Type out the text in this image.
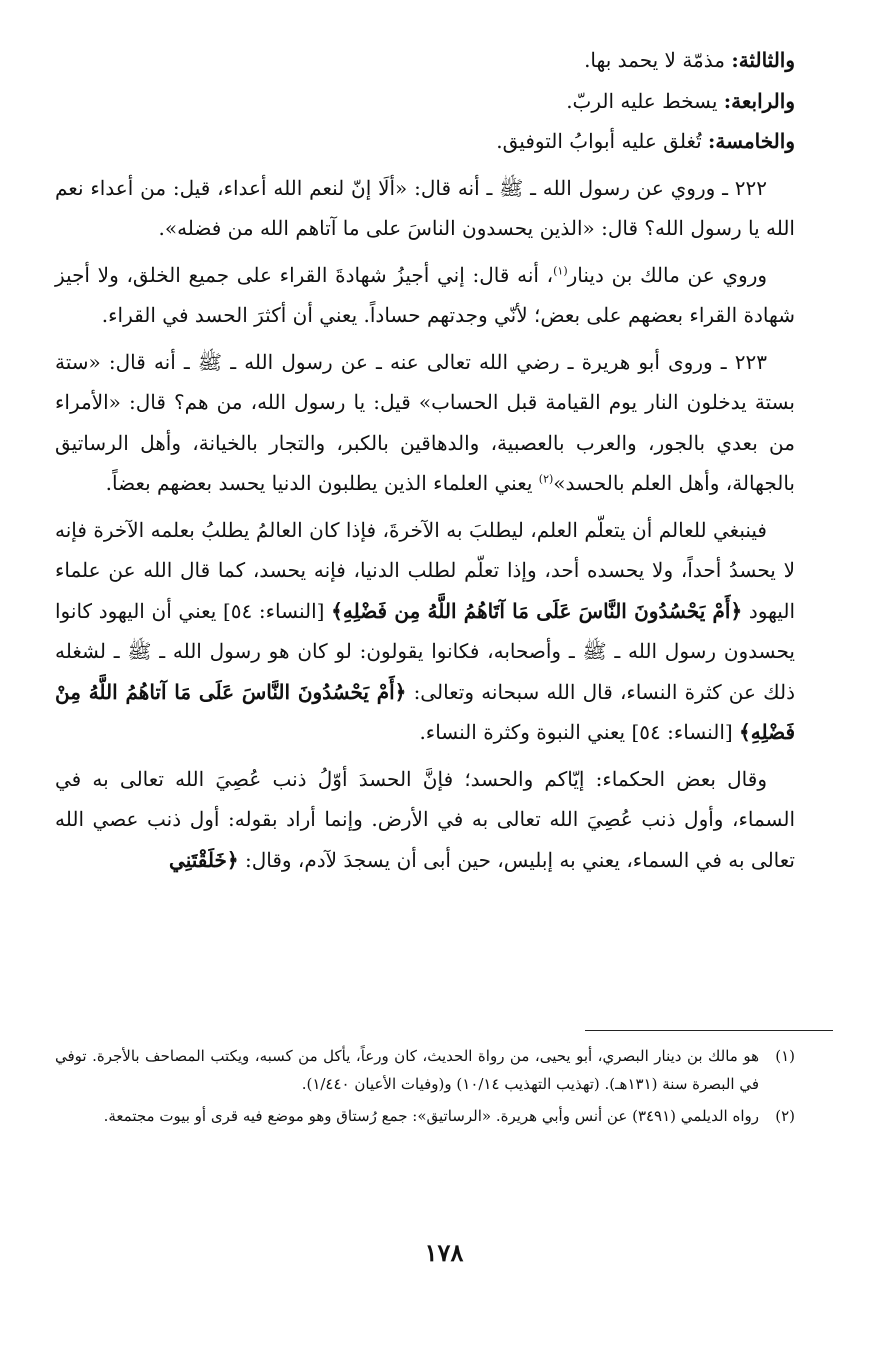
والثالثة: مذمّة لا يحمد بها.

والرابعة: يسخط عليه الربّ.

والخامسة: تُغلق عليه أبوابُ التوفيق.

٢٢٢ ـ وروي عن رسول الله ـ ﷺ ـ أنه قال: «ألَا إنّ لنعم الله أعداء، قيل: من أعداء نعم الله يا رسول الله؟ قال: «الذين يحسدون الناسَ على ما آتاهم الله من فضله».

وروي عن مالك بن دينار$^{(١)}$، أنه قال: إني أجيزُ شهادةَ القراء على جميع الخلق، ولا أجيز شهادة القراء بعضهم على بعض؛ لأنّي وجدتهم حساداً. يعني أن أكثرَ الحسد في القراء.

٢٢٣ ـ وروى أبو هريرة ـ رضي الله تعالى عنه ـ عن رسول الله ـ ﷺ ـ أنه قال: «ستة بستة يدخلون النار يوم القيامة قبل الحساب» قيل: يا رسول الله، من هم؟ قال: «الأمراء من بعدي بالجور، والعرب بالعصبية، والدهاقين بالكبر، والتجار بالخيانة، وأهل الرساتيق بالجهالة، وأهل العلم بالحسد»$^{(٢)}$ يعني العلماء الذين يطلبون الدنيا يحسد بعضهم بعضاً.

فينبغي للعالم أن يتعلّم العلم، ليطلبَ به الآخرةَ، فإذا كان العالمُ يطلبُ بعلمه الآخرة فإنه لا يحسدُ أحداً، ولا يحسده أحد، وإذا تعلّم لطلب الدنيا، فإنه يحسد، كما قال الله عن علماء اليهود ﴿أَمْ يَحْسُدُونَ النَّاسَ عَلَى مَا آتَاهُمُ اللَّهُ مِن فَضْلِهِ﴾ [النساء: ٥٤] يعني أن اليهود كانوا يحسدون رسول الله ـ ﷺ ـ وأصحابه، فكانوا يقولون: لو كان هو رسول الله ـ ﷺ ـ لشغله ذلك عن كثرة النساء، قال الله سبحانه وتعالى: ﴿أَمْ يَحْسُدُونَ النَّاسَ عَلَى مَا آتاهُمُ اللَّهُ مِنْ فَضْلِهِ﴾ [النساء: ٥٤] يعني النبوة وكثرة النساء.

وقال بعض الحكماء: إيّاكم والحسد؛ فإنَّ الحسدَ أوّلُ ذنب عُصِيَ الله تعالى به في السماء، وأول ذنب عُصِيَ الله تعالى به في الأرض. وإنما أراد بقوله: أول ذنب عصي الله تعالى به في السماء، يعني به إبليس، حين أبى أن يسجدَ لآدم، وقال: ﴿خَلَقْتَنِي

(١)
هو مالك بن دينار البصري، أبو يحيى، من رواة الحديث، كان ورعاً، يأكل من كسبه، ويكتب المصاحف بالأجرة. توفي في البصرة سنة (١٣١هـ). (تهذيب التهذيب ١٠/١٤) و(وفيات الأعيان ١/٤٤٠).

(٢)
رواه الديلمي (٣٤٩١) عن أنس وأبي هريرة. «الرساتيق»: جمع رُستاق وهو موضع فيه قرى أو بيوت مجتمعة.

١٧٨
